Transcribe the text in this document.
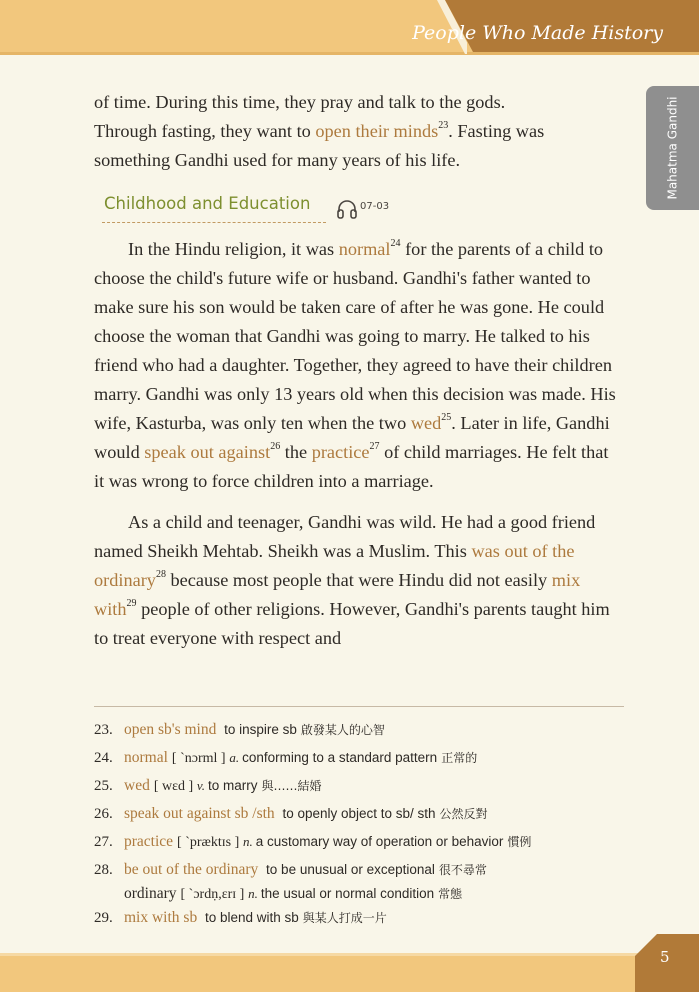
People Who Made History
Mahatma Gandhi

of time. During this time, they pray and talk to the gods.
Through fasting, they want to open their minds$^{23}$. Fasting was
something Gandhi used for many years of his life.

Childhood and Education	07-03

In the Hindu religion, it was normal$^{24}$ for the parents of a child to choose the child's future wife or husband. Gandhi's father wanted to make sure his son would be taken care of after he was gone. He could choose the woman that Gandhi was going to marry. He talked to his friend who had a daughter. Together, they agreed to have their children marry. Gandhi was only 13 years old when this decision was made. His wife, Kasturba, was only ten when the two wed$^{25}$. Later in life, Gandhi would speak out against$^{26}$ the practice$^{27}$ of child marriages. He felt that it was wrong to force children into a marriage.

As a child and teenager, Gandhi was wild. He had a good friend named Sheikh Mehtab. Sheikh was a Muslim. This was out of the ordinary$^{28}$ because most people that were Hindu did not easily mix with$^{29}$ people of other religions. However, Gandhi's parents taught him to treat everyone with respect and

23. open sb's mind to inspire sb 啟發某人的心智
24. normal [ ˋnɔrml ] a. conforming to a standard pattern 正常的
25. wed [ wɛd ] v. to marry 與……結婚
26. speak out against sb /sth to openly object to sb/ sth 公然反對
27. practice [ ˋpræktɪs ] n. a customary way of operation or behavior 慣例
28. be out of the ordinary to be unusual or exceptional 很不尋常
ordinary [ ˋɔrdṇ,ɛrɪ ] n. the usual or normal condition 常態
29. mix with sb to blend with sb 與某人打成一片
5
